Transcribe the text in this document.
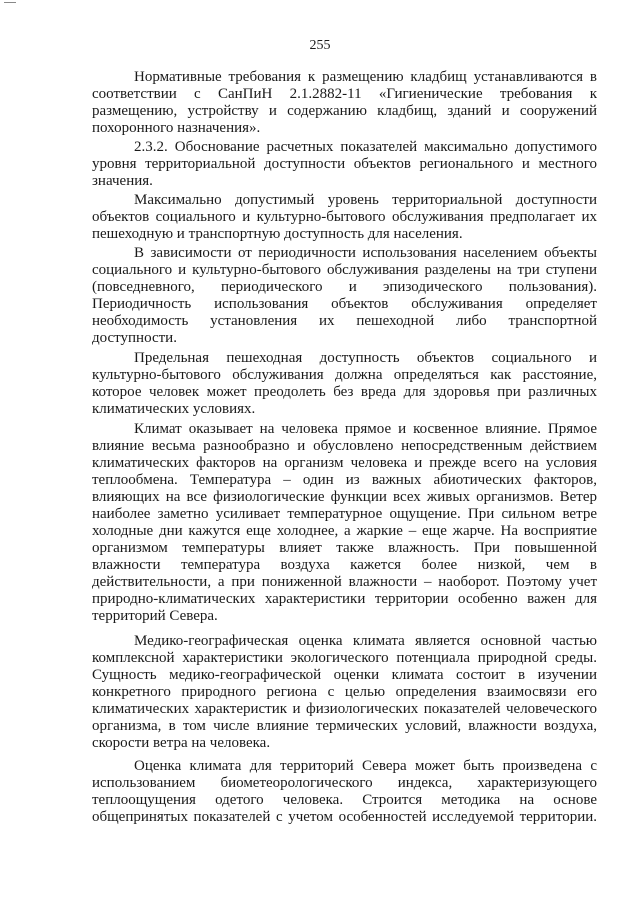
255
Нормативные требования к размещению кладбищ устанавливаются в
соответствии с СанПиН 2.1.2882-11 «Гигиенические требования к
размещению, устройству и содержанию кладбищ, зданий и сооружений
похоронного назначения».
2.3.2. Обоснование расчетных показателей максимально допустимого
уровня территориальной доступности объектов регионального и местного
значения.
Максимально допустимый уровень территориальной доступности
объектов социального и культурно-бытового обслуживания предполагает их
пешеходную и транспортную доступность для населения.
В зависимости от периодичности использования населением объекты
социального и культурно-бытового обслуживания разделены на три ступени
(повседневного, периодического и эпизодического пользования).
Периодичность использования объектов обслуживания определяет
необходимость установления их пешеходной либо транспортной
доступности.
Предельная пешеходная доступность объектов социального и
культурно-бытового обслуживания должна определяться как расстояние,
которое человек может преодолеть без вреда для здоровья при различных
климатических условиях.
Климат оказывает на человека прямое и косвенное влияние. Прямое
влияние весьма разнообразно и обусловлено непосредственным действием
климатических факторов на организм человека и прежде всего на условия
теплообмена. Температура – один из важных абиотических факторов,
влияющих на все физиологические функции всех живых организмов. Ветер
наиболее заметно усиливает температурное ощущение. При сильном ветре
холодные дни кажутся еще холоднее, а жаркие – еще жарче. На восприятие
организмом температуры влияет также влажность. При повышенной
влажности температура воздуха кажется более низкой, чем в
действительности, а при пониженной влажности – наоборот. Поэтому учет
природно-климатических характеристики территории особенно важен для
территорий Севера.
Медико-географическая оценка климата является основной частью
комплексной характеристики экологического потенциала природной среды.
Сущность медико-географической оценки климата состоит в изучении
конкретного природного региона с целью определения взаимосвязи его
климатических характеристик и физиологических показателей человеческого
организма, в том числе влияние термических условий, влажности воздуха,
скорости ветра на человека.
Оценка климата для территорий Севера может быть произведена с
использованием биометеорологического индекса, характеризующего
теплоощущения одетого человека. Строится методика на основе
общепринятых показателей с учетом особенностей исследуемой территории.
